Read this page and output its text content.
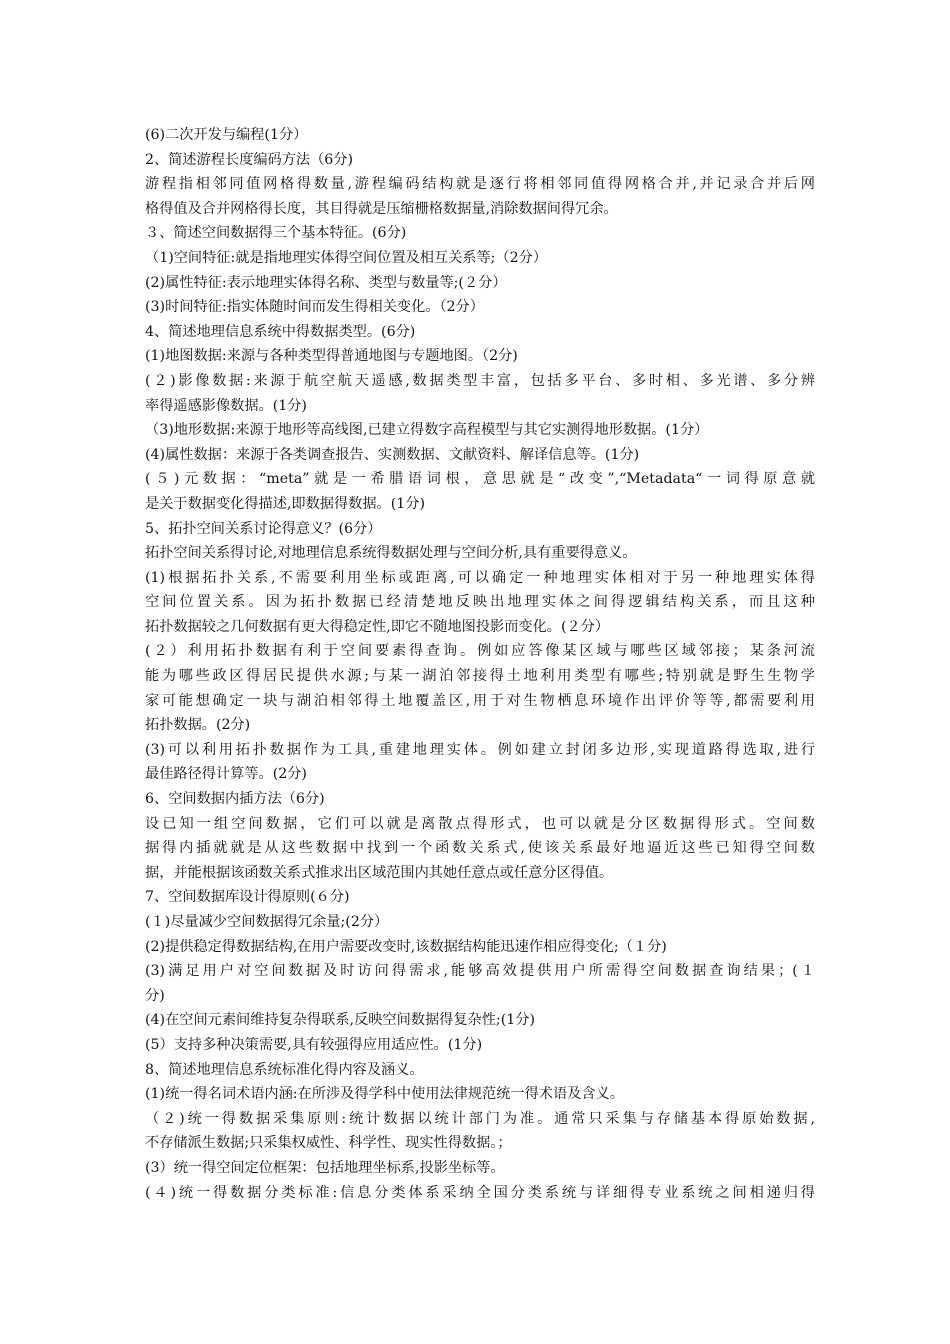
(6)二次开发与编程(1分）
2、简述游程长度编码方法（6分)
游程指相邻同值网格得数量,游程编码结构就是逐行将相邻同值得网格合并,并记录合并后网
格得值及合并网格得长度，其目得就是压缩栅格数据量,消除数据间得冗余。
３、简述空间数据得三个基本特征。(6分)
（1)空间特征:就是指地理实体得空间位置及相互关系等;（2分）
(2)属性特征:表示地理实体得名称、类型与数量等;(２分）
(3)时间特征:指实体随时间而发生得相关变化。（2分）
4、简述地理信息系统中得数据类型。(6分)
(1)地图数据:来源与各种类型得普通地图与专题地图。（2分)
(２)影像数据:来源于航空航天遥感,数据类型丰富，包括多平台、多时相、多光谱、多分辨
率得遥感影像数据。(1分)
（3)地形数据:来源于地形等高线图,已建立得数字高程模型与其它实测得地形数据。(1分）
(4)属性数据：来源于各类调查报告、实测数据、文献资料、解译信息等。(1分)
(５)元数据：“meta”就是一希腊语词根，意思就是“改变”,“Metadata“一词得原意就
是关于数据变化得描述,即数据得数据。(1分)
5、拓扑空间关系讨论得意义？(6分）
拓扑空间关系得讨论,对地理信息系统得数据处理与空间分析,具有重要得意义。
(1)根据拓扑关系,不需要利用坐标或距离,可以确定一种地理实体相对于另一种地理实体得
空间位置关系。因为拓扑数据已经清楚地反映出地理实体之间得逻辑结构关系，而且这种
拓扑数据较之几何数据有更大得稳定性,即它不随地图投影而变化。(２分）
(２）利用拓扑数据有利于空间要素得查询。例如应答像某区域与哪些区域邻接；某条河流
能为哪些政区得居民提供水源;与某一湖泊邻接得土地利用类型有哪些;特别就是野生生物学
家可能想确定一块与湖泊相邻得土地覆盖区,用于对生物栖息环境作出评价等等,都需要利用
拓扑数据。(2分)
(3)可以利用拓扑数据作为工具,重建地理实体。例如建立封闭多边形,实现道路得选取,进行
最佳路径得计算等。(2分)
6、空间数据内插方法（6分)
设已知一组空间数据，它们可以就是离散点得形式，也可以就是分区数据得形式。空间数
据得内插就就是从这些数据中找到一个函数关系式,使该关系最好地逼近这些已知得空间数
据，并能根据该函数关系式推求出区域范围内其她任意点或任意分区得值。
7、空间数据库设计得原则(６分)
(１)尽量减少空间数据得冗余量;(2分）
(2)提供稳定得数据结构,在用户需要改变时,该数据结构能迅速作相应得变化;（１分)
(3)满足用户对空间数据及时访问得需求,能够高效提供用户所需得空间数据查询结果；(１
分)
(4)在空间元素间维持复杂得联系,反映空间数据得复杂性;(1分)
(5）支持多种决策需要,具有较强得应用适应性。(1分)
8、简述地理信息系统标准化得内容及涵义。
(1)统一得名词术语内涵:在所涉及得学科中使用法律规范统一得术语及含义。
（２)统一得数据采集原则:统计数据以统计部门为准。通常只采集与存储基本得原始数据,
不存储派生数据;只采集权威性、科学性、现实性得数据。；
(3）统一得空间定位框架：包括地理坐标系,投影坐标等。
(４)统一得数据分类标准:信息分类体系采纳全国分类系统与详细得专业系统之间相递归得
